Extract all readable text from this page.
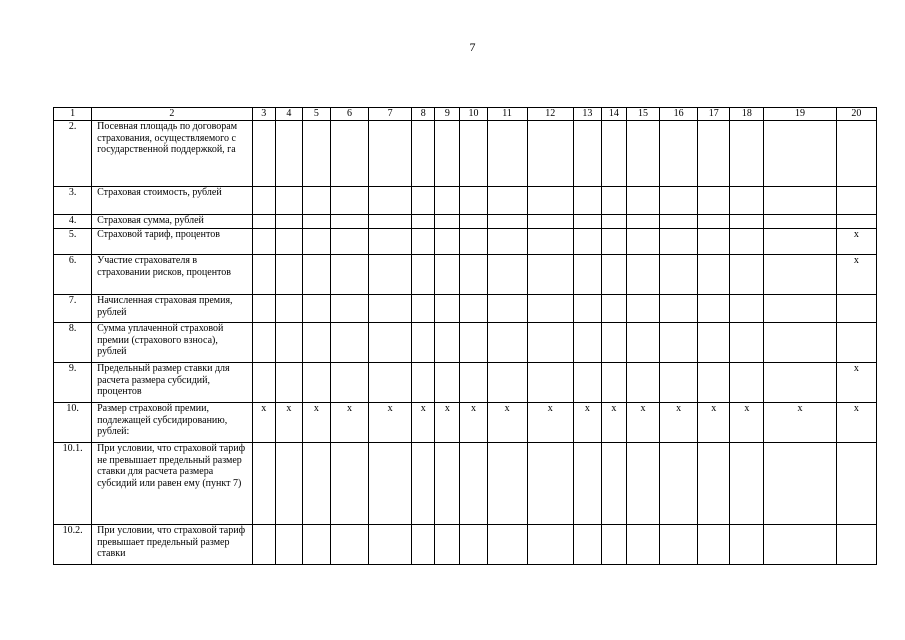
7
1	2	3	4	5	6	7	8	9	10	11	12	13	14	15	16	17	18	19	20
2.	Посевная площадь по договорам страхования, осуществляемого с государственной поддержкой, га																		
3.	Страховая стоимость, рублей																		
4.	Страховая сумма, рублей																		
5.	Страховой тариф, процентов																		x
6.	Участие страхователя в страховании рисков, процентов																		x
7.	Начисленная страховая премия, рублей																		
8.	Сумма уплаченной страховой премии (страхового взноса), рублей																		
9.	Предельный размер ставки для расчета размера субсидий, процентов																		x
10.	Размер страховой премии, подлежащей субсидированию, рублей:	x	x	x	x	x	x	x	x	x	x	x	x	x	x	x	x	x	x
10.1.	При условии, что страховой тариф не превышает предельный размер ставки для расчета размера субсидий или равен ему (пункт 7)																		
10.2.	При условии, что страховой тариф превышает предельный размер ставки																		
